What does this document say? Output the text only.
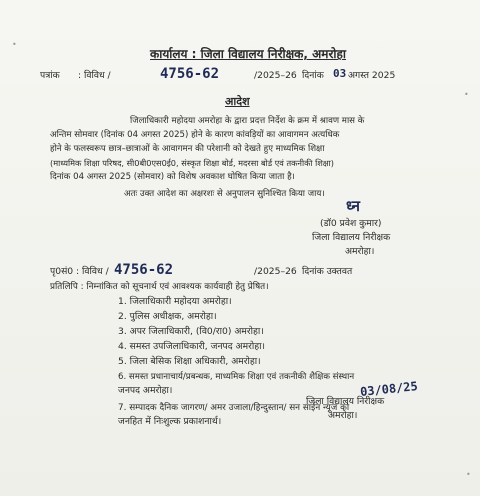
कार्यालय : जिला विद्यालय निरीक्षक, अमरोहा
पत्रांक : विविध /	4756-62	/2025–26 दिनांक 03 अगस्त 2025
आदेश
जिलाधिकारी महोदया अमरोहा के द्वारा प्रदत्त निर्देश के क्रम में श्रावण मास के
अन्तिम सोमवार (दिनांक 04 अगस्त 2025) होने के कारण कांवड़ियों का आवागमन अत्यधिक
होने के फलस्वरूप छात्र–छात्राओं के आवागमन की परेशानी को देखते हुए माध्यमिक शिक्षा
(माध्यमिक शिक्षा परिषद, सी0बी0एस0ई0, संस्कृत शिक्षा बोर्ड, मदरसा बोर्ड एवं तकनीकी शिक्षा)
दिनांक 04 अगस्त 2025 (सोमवार) को विशेष अवकाश घोषित किया जाता है।
अतः उक्त आदेश का अक्षरशः से अनुपालन सुनिश्चित किया जाय।
ध्न
(डॉ0 प्रवेश कुमार)
जिला विद्यालय निरीक्षक
अमरोहा।
पृ0सं0 : विविध / 4756-62	/2025–26 दिनांक उक्तवत
प्रतिलिपि : निम्नांकित को सूचनार्थ एवं आवश्यक कार्यवाही हेतु प्रेषित।
1. जिलाधिकारी महोदया अमरोहा।
2. पुलिस अधीक्षक, अमरोहा।
3. अपर जिलाधिकारी, (वि0/रा0) अमरोहा।
4. समस्त उपजिलाधिकारी, जनपद अमरोहा।
5. जिला बेसिक शिक्षा अधिकारी, अमरोहा।
6. समस्त प्रधानाचार्य/प्रबन्धक, माध्यमिक शिक्षा एवं तकनीकी शैक्षिक संस्थान
जनपद अमरोहा।
7. सम्पादक दैनिक जागरण/ अमर उजाला/हिन्दुस्तान/ सन साईन न्यूज को
जनहित में निःशुल्क प्रकाशनार्थ।
03/08/25
जिला विद्यालय निरीक्षक
अमरोहा।
•
•
•
